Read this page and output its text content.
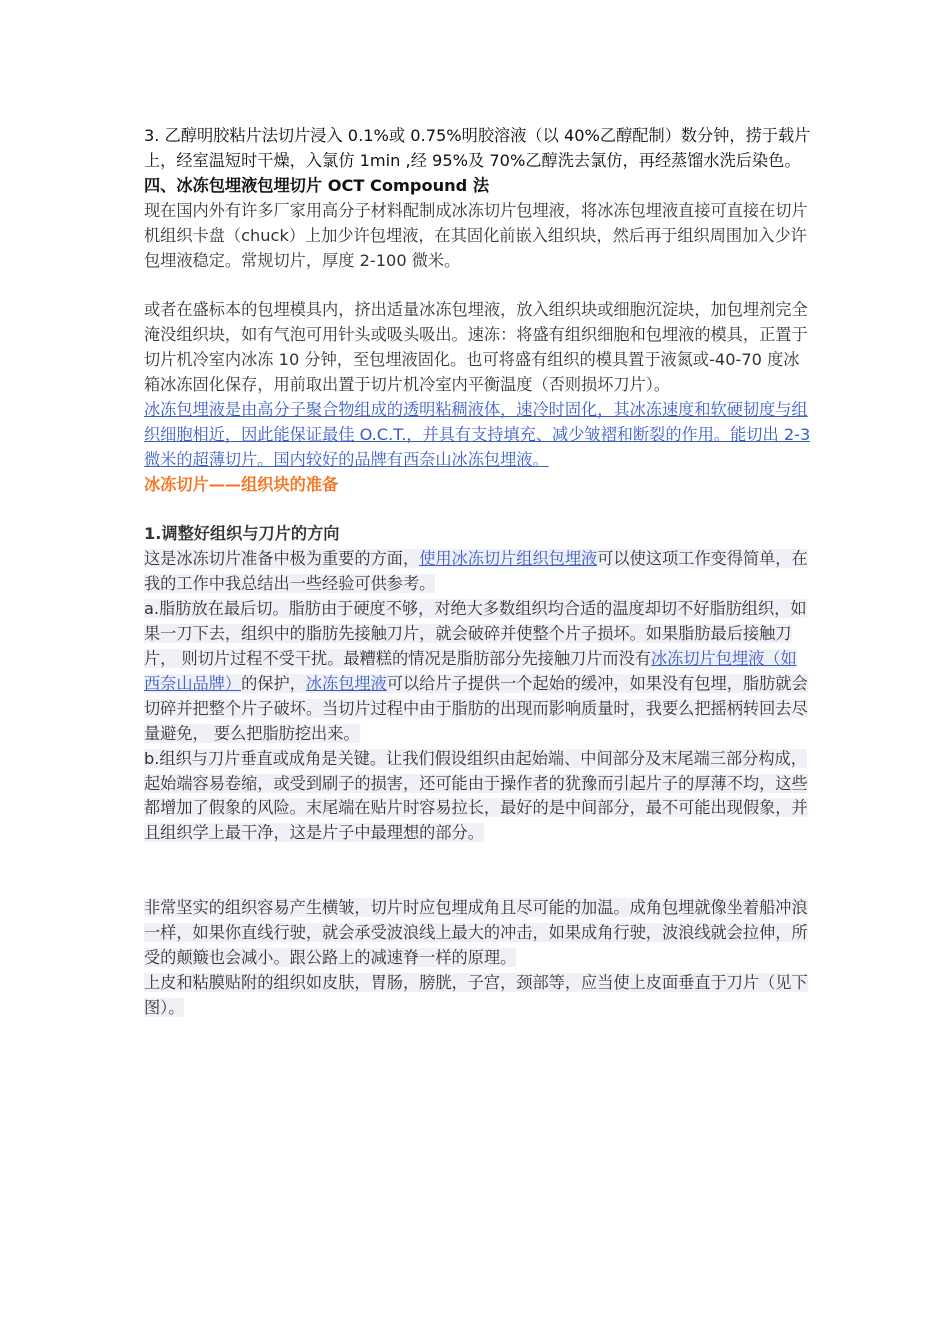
3. 乙醇明胶粘片法切片浸入 0.1%或 0.75%明胶溶液（以 40%乙醇配制）数分钟，捞于载片上，经室温短时干燥，入氯仿 1min ,经 95%及 70%乙醇洗去氯仿，再经蒸馏水洗后染色。

四、冰冻包埋液包埋切片 OCT Compound 法

现在国内外有许多厂家用高分子材料配制成冰冻切片包埋液，将冰冻包埋液直接可直接在切片机组织卡盘（chuck）上加少许包埋液，在其固化前嵌入组织块，然后再于组织周围加入少许包埋液稳定。常规切片，厚度 2-100 微米。

或者在盛标本的包埋模具内，挤出适量冰冻包埋液，放入组织块或细胞沉淀块，加包埋剂完全淹没组织块，如有气泡可用针头或吸头吸出。速冻：将盛有组织细胞和包埋液的模具，正置于切片机冷室内冰冻 10 分钟，至包埋液固化。也可将盛有组织的模具置于液氮或-40-70 度冰箱冰冻固化保存，用前取出置于切片机冷室内平衡温度（否则损坏刀片）。

冰冻包埋液是由高分子聚合物组成的透明粘稠液体，速冷时固化，其冰冻速度和软硬韧度与组织细胞相近，因此能保证最佳 O.C.T.，并具有支持填充、减少皱褶和断裂的作用。能切出 2-3 微米的超薄切片。国内较好的品牌有西奈山冰冻包埋液。

冰冻切片——组织块的准备

1.调整好组织与刀片的方向

这是冰冻切片准备中极为重要的方面，使用冰冻切片组织包埋液可以使这项工作变得简单，在我的工作中我总结出一些经验可供参考。

a.脂肪放在最后切。脂肪由于硬度不够，对绝大多数组织均合适的温度却切不好脂肪组织，如果一刀下去，组织中的脂肪先接触刀片，就会破碎并使整个片子损坏。如果脂肪最后接触刀片， 则切片过程不受干扰。最糟糕的情况是脂肪部分先接触刀片而没有冰冻切片包埋液（如西奈山品牌）的保护，冰冻包埋液可以给片子提供一个起始的缓冲，如果没有包埋，脂肪就会切碎并把整个片子破坏。当切片过程中由于脂肪的出现而影响质量时，我要么把摇柄转回去尽量避免， 要么把脂肪挖出来。

b.组织与刀片垂直或成角是关键。让我们假设组织由起始端、中间部分及末尾端三部分构成，起始端容易卷缩，或受到刷子的损害，还可能由于操作者的犹豫而引起片子的厚薄不均，这些都增加了假象的风险。末尾端在贴片时容易拉长，最好的是中间部分，最不可能出现假象，并且组织学上最干净，这是片子中最理想的部分。

非常坚实的组织容易产生横皱，切片时应包埋成角且尽可能的加温。成角包埋就像坐着船冲浪一样，如果你直线行驶，就会承受波浪线上最大的冲击，如果成角行驶，波浪线就会拉伸，所受的颠簸也会减小。跟公路上的减速脊一样的原理。

上皮和粘膜贴附的组织如皮肤，胃肠，膀胱，子宫，颈部等，应当使上皮面垂直于刀片（见下图）。
